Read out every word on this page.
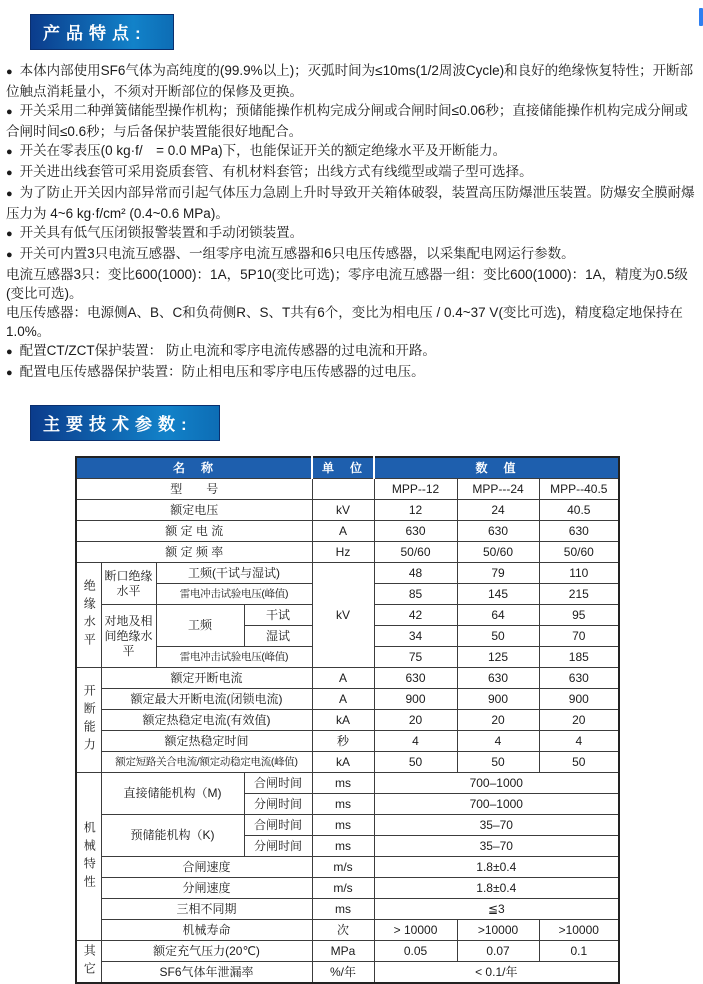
产品特点:

● 本体内部使用SF6气体为高纯度的(99.9%以上)；灭弧时间为≤10ms(1/2周波Cycle)和良好的绝缘恢复特性；开断部位触点消耗量小，不须对开断部位的保修及更换。

● 开关采用二种弹簧储能型操作机构；预储能操作机构完成分闸或合闸时间≤0.06秒；直接储能操作机构完成分闸或合闸时间≤0.6秒；与后备保护装置能很好地配合。

● 开关在零表压(0 kg·f/　= 0.0 MPa)下，也能保证开关的额定绝缘水平及开断能力。

● 开关进出线套管可采用瓷质套管、有机材料套管；出线方式有线缆型或端子型可选择。

● 为了防止开关因内部异常而引起气体压力急剧上升时导致开关箱体破裂，装置高压防爆泄压装置。防爆安全膜耐爆压力为 4~6 kg·f/cm² (0.4~0.6 MPa)。

● 开关具有低气压闭锁报警装置和手动闭锁装置。

● 开关可内置3只电流互感器、一组零序电流互感器和6只电压传感器，以采集配电网运行参数。

电流互感器3只：变比600(1000)：1A，5P10(变比可选)；零序电流互感器一组：变比600(1000)：1A，精度为0.5级(变比可选)。

电压传感器：电源侧A、B、C和负荷侧R、S、T共有6个，变比为相电压 / 0.4~37 V(变比可选)，精度稳定地保持在1.0%。

● 配置CT/ZCT保护装置： 防止电流和零序电流传感器的过电流和开路。

● 配置电压传感器保护装置：防止相电压和零序电压传感器的过电压。

主要技术参数:
名　称				单　位	数　值		
型　　号					MPP--12	MPP---24	MPP--40.5
额定电压				kV	12	24	40.5
额 定 电 流				A	630	630	630
额 定 频 率				Hz	50/60	50/60	50/60
绝缘水平	断口绝缘水平	工频(干试与湿试)		kV	48	79	110
		雷电冲击试验电压(峰值)			85	145	215
	对地及相间绝缘水平	工频	干试		42	64	95
			湿试		34	50	70
		雷电冲击试验电压(峰值)			75	125	185
开断能力	额定开断电流			A	630	630	630
	额定最大开断电流(闭锁电流)			A	900	900	900
	额定热稳定电流(有效值)			kA	20	20	20
	额定热稳定时间			秒	4	4	4
	额定短路关合电流/额定动稳定电流(峰值)			kA	50	50	50
机械特性	直接储能机构（M)		合闸时间	ms	700–1000		
			分闸时间	ms	700–1000		
	预储能机构（K)		合闸时间	ms	35–70		
			分闸时间	ms	35–70		
	合闸速度			m/s	1.8±0.4		
	分闸速度			m/s	1.8±0.4		
	三相不同期			ms	≦3		
	机械寿命			次	> 10000	>10000	>10000
其它	额定充气压力(20℃)			MPa	0.05	0.07	0.1
	SF6气体年泄漏率			%/年	< 0.1/年		
